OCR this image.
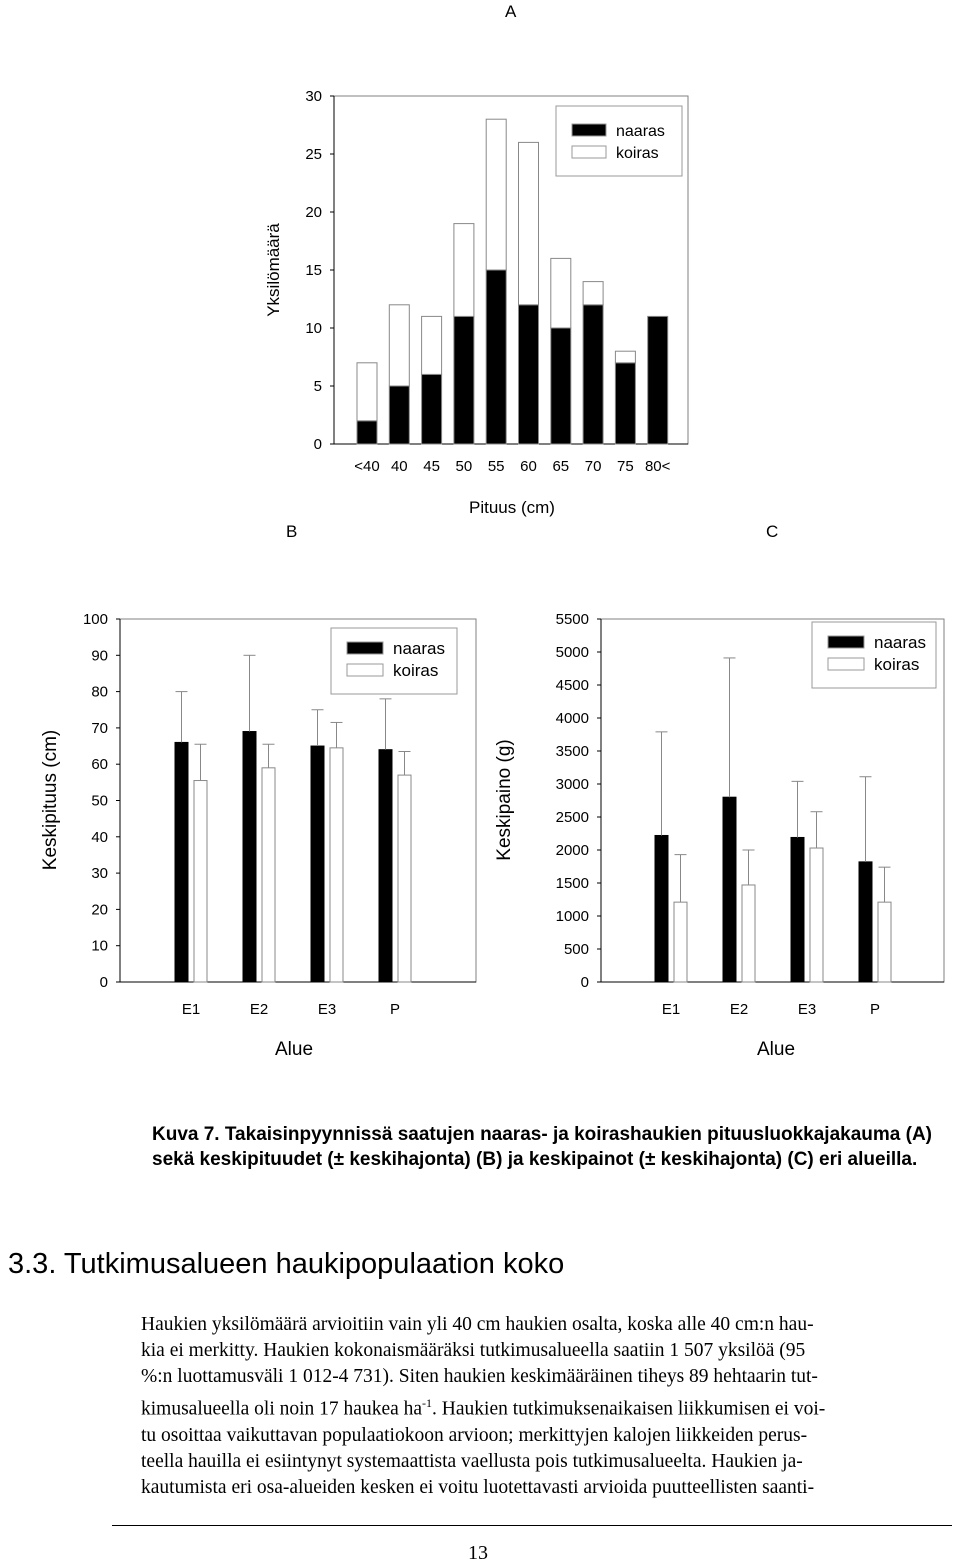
A
B	C
0
5
10
15
20
25
30
Yksilömäärä
Pituus (cm)
<40 40 45 50 55 60 65 70 75 80<
naaras
koiras
0
10
20
30
40
50
60
70
80
90
100
Keskipituus (cm)
Alue
E1	E2	E3	P
naaras
koiras
0
500
1000
1500
2000
2500
3000
3500
4000
4500
5000
5500
Keskipaino (g)
Alue
E1	E2	E3	P
naaras
koiras
Kuva 7. Takaisinpyynnissä saatujen naaras- ja koirashaukien pituusluokkajakauma (A) sekä keskipituudet (± keskihajonta) (B) ja keskipainot (± keskihajonta) (C) eri alueilla.
3.3. Tutkimusalueen haukipopulaation koko
Haukien yksilömäärä arvioitiin vain yli 40 cm haukien osalta, koska alle 40 cm:n hau-
kia ei merkitty. Haukien kokonaismääräksi tutkimusalueella saatiin 1 507 yksilöä (95
%:n luottamusväli 1 012-4 731). Siten haukien keskimääräinen tiheys 89 hehtaarin tut-
kimusalueella oli noin 17 haukea $ha^{-1}$. Haukien tutkimuksenaikaisen liikkumisen ei voi-
tu osoittaa vaikuttavan populaatiokoon arvioon; merkittyjen kalojen liikkeiden perus-
teella hauilla ei esiintynyt systemaattista vaellusta pois tutkimusalueelta. Haukien ja-
kautumista eri osa-alueiden kesken ei voitu luotettavasti arvioida puutteellisten saanti-
13
